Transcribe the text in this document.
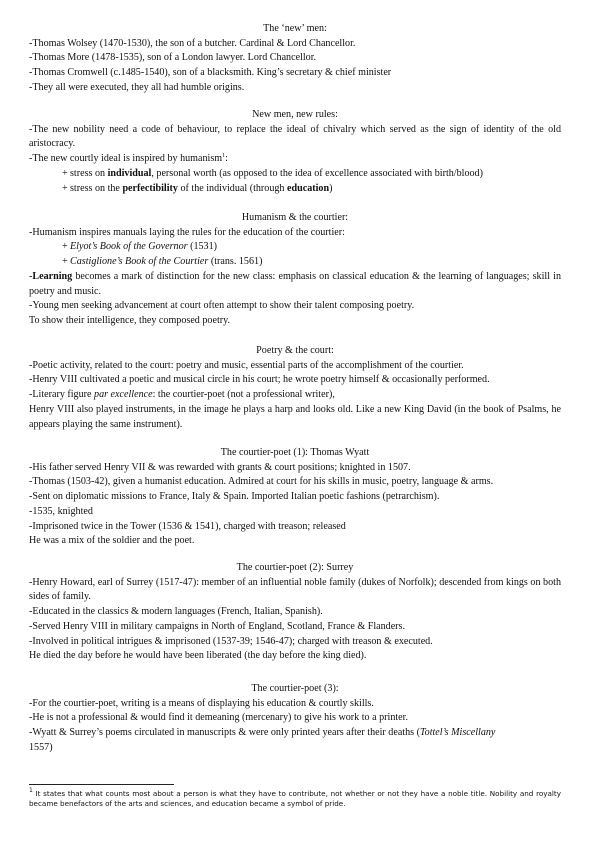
The ‘new’ men:

-Thomas Wolsey (1470-1530), the son of a butcher. Cardinal & Lord Chancellor.

-Thomas More (1478-1535), son of a London lawyer. Lord Chancellor.

-Thomas Cromwell (c.1485-1540), son of a blacksmith. King’s secretary & chief minister

-They all were executed, they all had humble origins.

New men, new rules:

-The new nobility need a code of behaviour, to replace the ideal of chivalry which served as the sign of identity of the old aristocracy.

-The new courtly ideal is inspired by humanism$^1$:

+ stress on individual, personal worth (as opposed to the idea of excellence associated with birth/blood)

+ stress on the perfectibility of the individual (through education)

Humanism & the courtier:

-Humanism inspires manuals laying the rules for the education of the courtier:

+ Elyot’s Book of the Governor (1531)

+ Castiglione’s Book of the Courtier (trans. 1561)

-Learning becomes a mark of distinction for the new class: emphasis on classical education & the learning of languages; skill in poetry and music.

-Young men seeking advancement at court often attempt to show their talent composing poetry.

To show their intelligence, they composed poetry.

Poetry & the court:

-Poetic activity, related to the court: poetry and music, essential parts of the accomplishment of the courtier.

-Henry VIII cultivated a poetic and musical circle in his court; he wrote poetry himself & occasionally performed.

-Literary figure par excellence: the courtier-poet (not a professional writer),

Henry VIII also played instruments, in the image he plays a harp and looks old. Like a new King David (in the book of Psalms, he appears playing the same instrument).

The courtier-poet (1): Thomas Wyatt

-His father served Henry VII & was rewarded with grants & court positions; knighted in 1507.

-Thomas (1503-42), given a humanist education. Admired at court for his skills in music, poetry, language & arms.

-Sent on diplomatic missions to France, Italy & Spain. Imported Italian poetic fashions (petrarchism).

-1535, knighted

-Imprisoned twice in the Tower (1536 & 1541), charged with treason; released

He was a mix of the soldier and the poet.

The courtier-poet (2): Surrey

-Henry Howard, earl of Surrey (1517-47): member of an influential noble family (dukes of Norfolk); descended from kings on both sides of family.

-Educated in the classics & modern languages (French, Italian, Spanish).

-Served Henry VIII in military campaigns in North of England, Scotland, France & Flanders.

-Involved in political intrigues & imprisoned (1537-39; 1546-47); charged with treason & executed.

He died the day before he would have been liberated (the day before the king died).

The courtier-poet (3):

-For the courtier-poet, writing is a means of displaying his education & courtly skills.

-He is not a professional & would find it demeaning (mercenary) to give his work to a printer.

-Wyatt & Surrey’s poems circulated in manuscripts & were only printed years after their deaths (Tottel’s Miscellany

1557)

$^1$ It states that what counts most about a person is what they have to contribute, not whether or not they have a noble title. Nobility and royalty became benefactors of the arts and sciences, and education became a symbol of pride.
